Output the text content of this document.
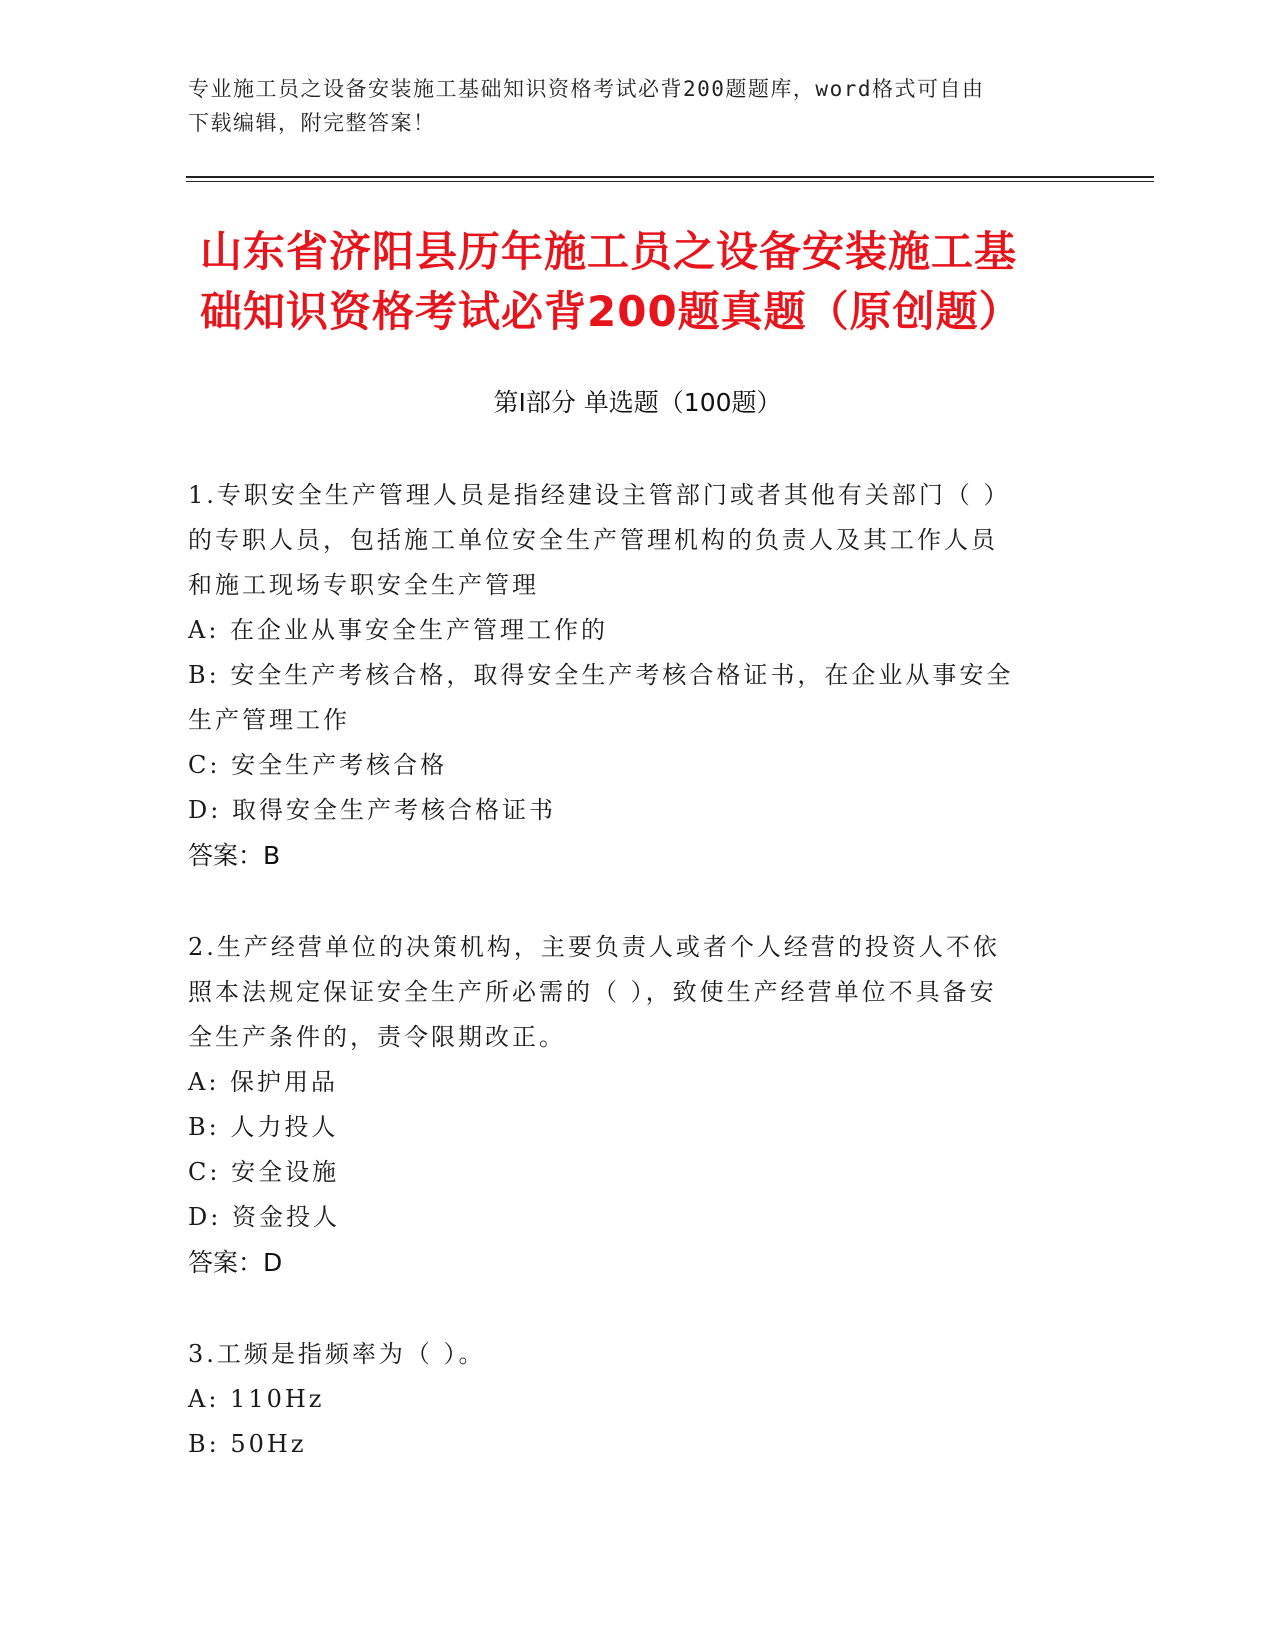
专业施工员之设备安装施工基础知识资格考试必背200题题库，word格式可自由
下载编辑，附完整答案！
山东省济阳县历年施工员之设备安装施工基
础知识资格考试必背200题真题（原创题）
第Ⅰ部分 单选题（100题）
1.专职安全生产管理人员是指经建设主管部门或者其他有关部门（ ）
的专职人员，包括施工单位安全生产管理机构的负责人及其工作人员
和施工现场专职安全生产管理
A: 在企业从事安全生产管理工作的
B: 安全生产考核合格，取得安全生产考核合格证书，在企业从事安全
生产管理工作
C: 安全生产考核合格
D: 取得安全生产考核合格证书
答案：B
2.生产经营单位的决策机构，主要负责人或者个人经营的投资人不依
照本法规定保证安全生产所必需的（ ），致使生产经营单位不具备安
全生产条件的，责令限期改正。
A: 保护用品
B: 人力投人
C: 安全设施
D: 资金投人
答案：D
3.工频是指频率为（ ）。
A: 110Hz
B: 50Hz
